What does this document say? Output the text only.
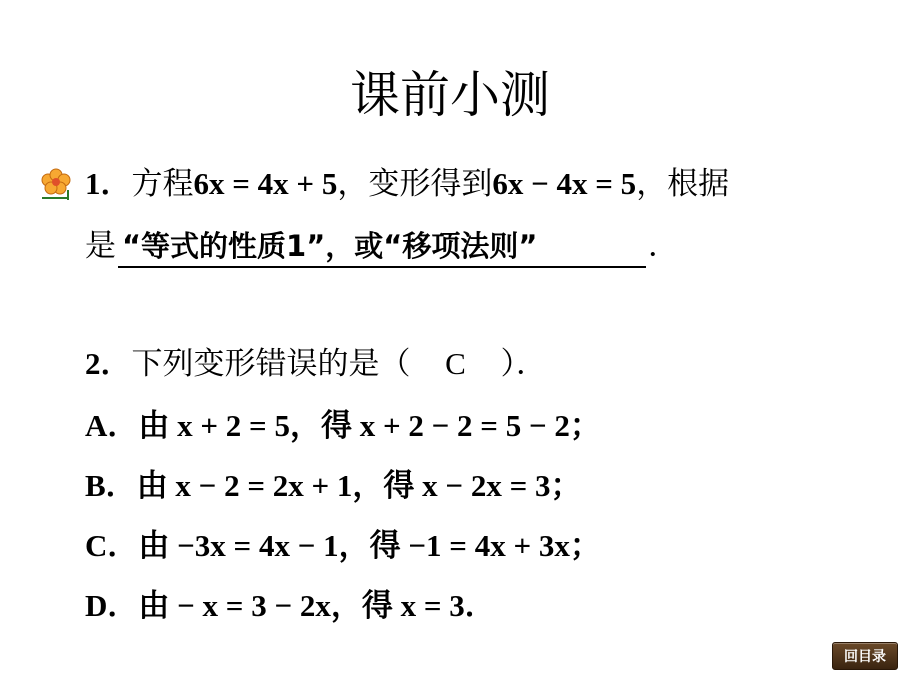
课前小测
1．方程6x = 4x + 5，变形得到6x − 4x = 5，根据
是 “等式的性质1”，或“移项法则”	．
2．下列变形错误的是（ C ）．
A．由 x + 2 = 5，得 x + 2 − 2 = 5 − 2；
B．由 x − 2 = 2x + 1，得 x − 2x = 3；
C．由 −3x = 4x − 1，得 −1 = 4x + 3x；
D．由 − x = 3 − 2x，得 x = 3．
回目录
